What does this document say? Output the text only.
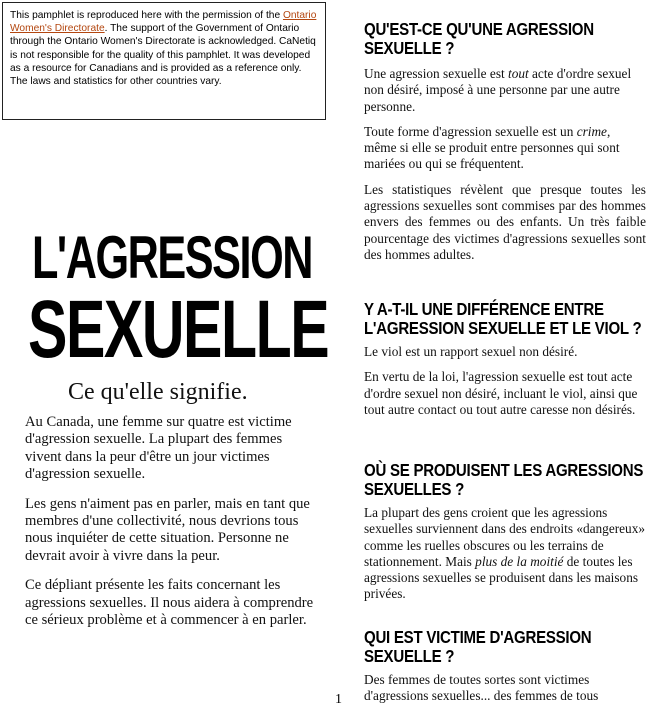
This pamphlet is reproduced here with the permission of the Ontario Women's Directorate. The support of the Government of Ontario through the Ontario Women's Directorate is acknowledged. CaNetiq is not responsible for the quality of this pamphlet. It was developed as a resource for Canadians and is provided as a reference only. The laws and statistics for other countries vary.
L'AGRESSION
SEXUELLE
Ce qu'elle signifie.

Au Canada, une femme sur quatre est victime d'agression sexuelle. La plupart des femmes vivent dans la peur d'être un jour victimes d'agression sexuelle.

Les gens n'aiment pas en parler, mais en tant que membres d'une collectivité, nous devrions tous nous inquiéter de cette situation. Personne ne devrait avoir à vivre dans la peur.

Ce dépliant présente les faits concernant les agressions sexuelles. Il nous aidera à comprendre ce sérieux problème et à commencer à en parler.

QU'EST-CE QU'UNE AGRESSION SEXUELLE ?

Une agression sexuelle est tout acte d'ordre sexuel non désiré, imposé à une personne par une autre personne.

Toute forme d'agression sexuelle est un crime, même si elle se produit entre personnes qui sont mariées ou qui se fréquentent.

Les statistiques révèlent que presque toutes les agressions sexuelles sont commises par des hommes envers des femmes ou des enfants. Un très faible pourcentage des victimes d'agressions sexuelles sont des hommes adultes.

Y A-T-IL UNE DIFFÉRENCE ENTRE L'AGRESSION SEXUELLE ET LE VIOL ?

Le viol est un rapport sexuel non désiré.

En vertu de la loi, l'agression sexuelle est tout acte d'ordre sexuel non désiré, incluant le viol, ainsi que tout autre contact ou tout autre caresse non désirés.

OÙ SE PRODUISENT LES AGRESSIONS SEXUELLES ?

La plupart des gens croient que les agressions sexuelles surviennent dans des endroits «dangereux» comme les ruelles obscures ou les terrains de stationnement. Mais plus de la moitié de toutes les agressions sexuelles se produisent dans les maisons privées.

QUI EST VICTIME D'AGRESSION SEXUELLE ?

Des femmes de toutes sortes sont victimes d'agressions sexuelles... des femmes de tous

1
